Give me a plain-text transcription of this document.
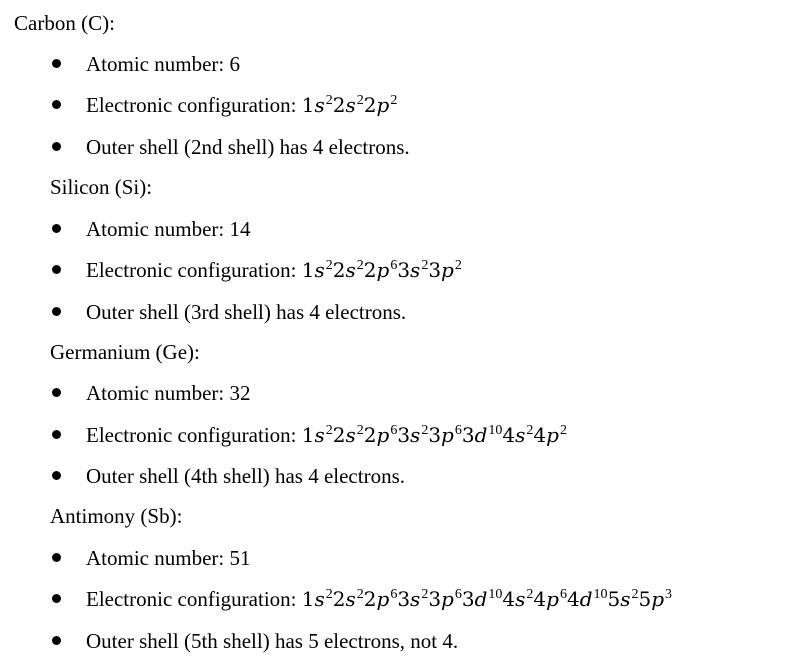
Carbon (C):
Atomic number: 6
Electronic configuration: $1s^22s^22p^2$
Outer shell (2nd shell) has 4 electrons.
Silicon (Si):
Atomic number: 14
Electronic configuration: $1s^22s^22p^63s^23p^2$
Outer shell (3rd shell) has 4 electrons.
Germanium (Ge):
Atomic number: 32
Electronic configuration: $1s^22s^22p^63s^23p^63d^{10}4s^24p^2$
Outer shell (4th shell) has 4 electrons.
Antimony (Sb):
Atomic number: 51
Electronic configuration: $1s^22s^22p^63s^23p^63d^{10}4s^24p^64d^{10}5s^25p^3$
Outer shell (5th shell) has 5 electrons, not 4.
